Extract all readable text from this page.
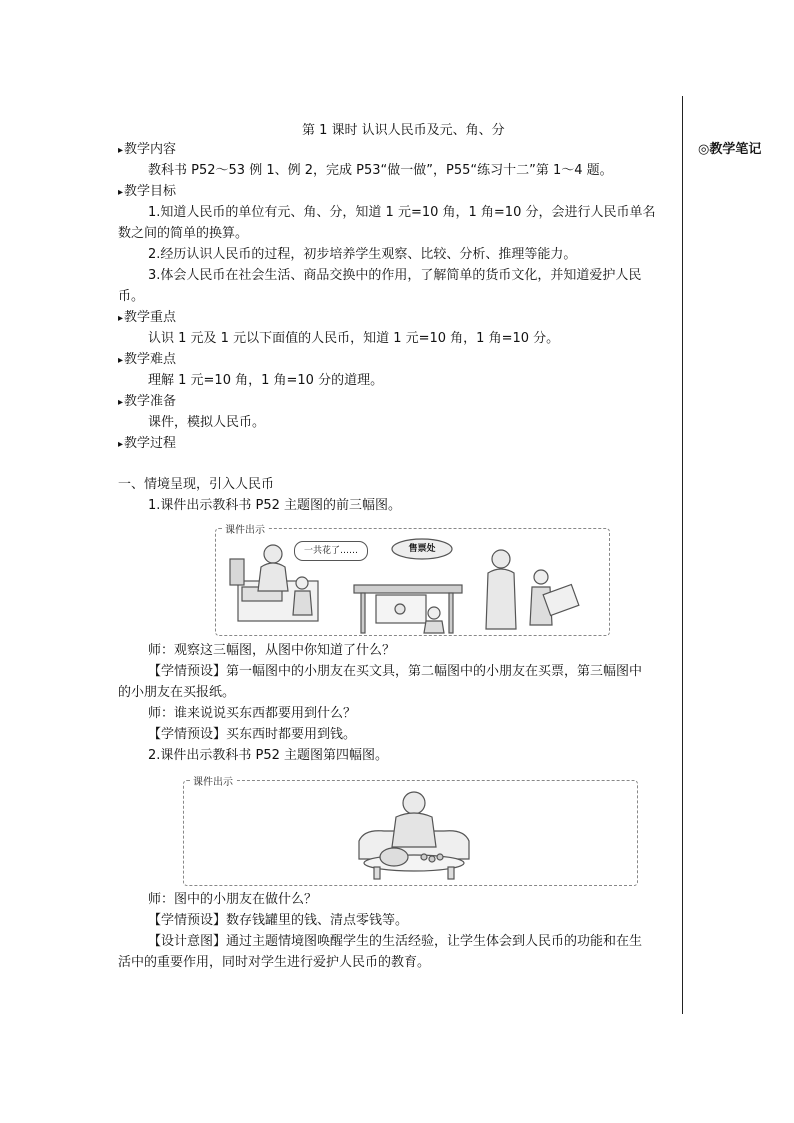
◎教学笔记
第 1 课时 认识人民币及元、角、分
▸ 教学内容
教科书 P52～53 例 1、例 2，完成 P53“做一做”，P55“练习十二”第 1～4 题。
▸ 教学目标
1.知道人民币的单位有元、角、分，知道 1 元=10 角，1 角=10 分，会进行人民币单名
数之间的简单的换算。
2.经历认识人民币的过程，初步培养学生观察、比较、分析、推理等能力。
3.体会人民币在社会生活、商品交换中的作用，了解简单的货币文化，并知道爱护人民
币。
▸ 教学重点
认识 1 元及 1 元以下面值的人民币，知道 1 元=10 角，1 角=10 分。
▸ 教学难点
理解 1 元=10 角，1 角=10 分的道理。
▸ 教学准备
课件，模拟人民币。
▸ 教学过程
一、情境呈现，引入人民币
1.课件出示教科书 P52 主题图的前三幅图。
一共花了……	售票处
课件出示
师：观察这三幅图，从图中你知道了什么？
【学情预设】第一幅图中的小朋友在买文具，第二幅图中的小朋友在买票，第三幅图中
的小朋友在买报纸。
师：谁来说说买东西都要用到什么？
【学情预设】买东西时都要用到钱。
2.课件出示教科书 P52 主题图第四幅图。
课件出示
师：图中的小朋友在做什么？
【学情预设】数存钱罐里的钱、清点零钱等。
【设计意图】通过主题情境图唤醒学生的生活经验，让学生体会到人民币的功能和在生
活中的重要作用，同时对学生进行爱护人民币的教育。
